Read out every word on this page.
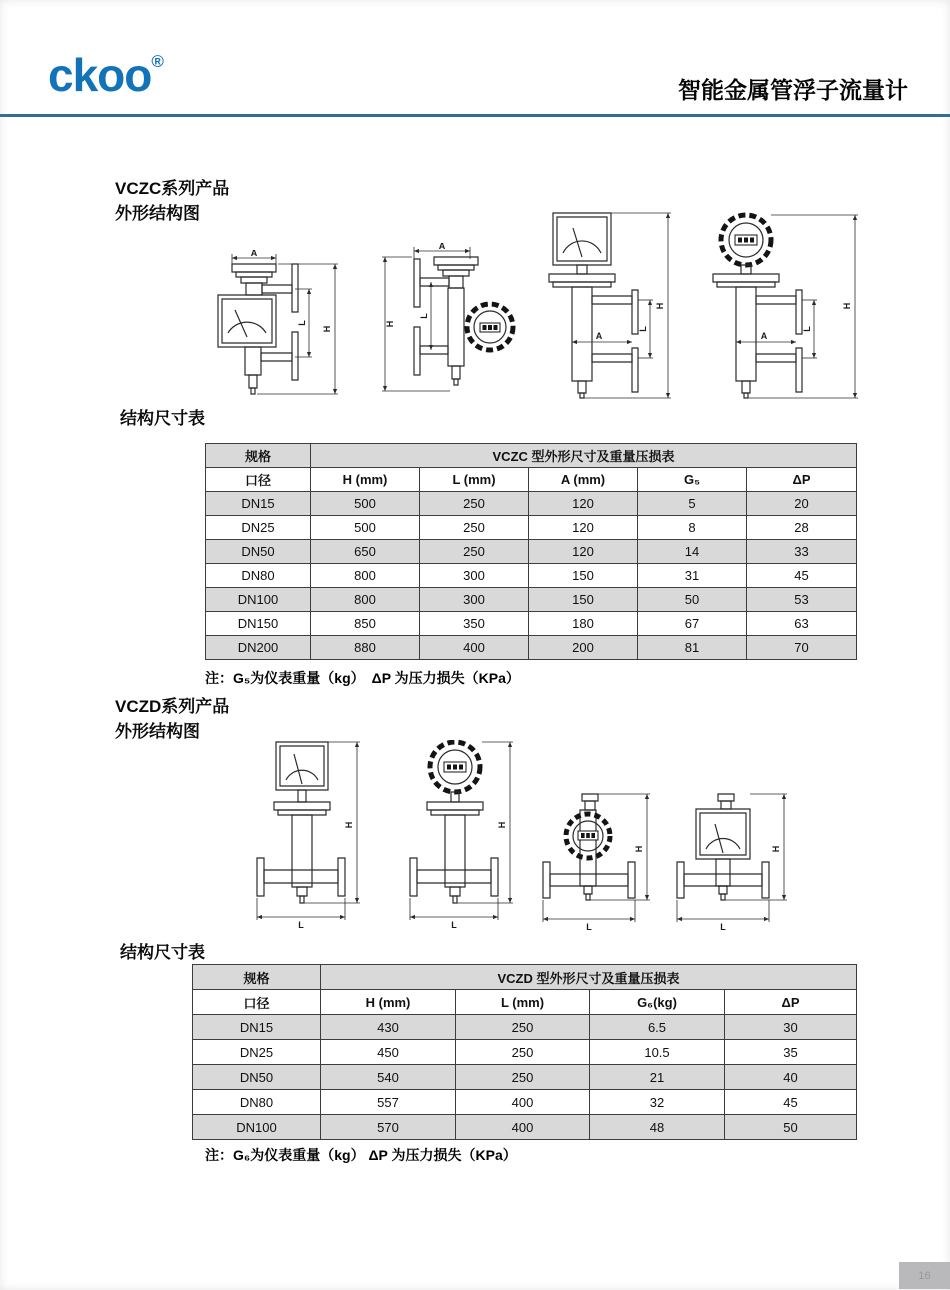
ckoo®
智能金属管浮子流量计
VCZC系列产品
外形结构图
A
L
H
A
L
H
A
L
H
A
L
H
结构尺寸表
规格	VCZC 型外形尺寸及重量压损表				
口径	H (mm)	L (mm)	A (mm)	G₅	ΔP
DN15	500	250	120	5	20
DN25	500	250	120	8	28
DN50	650	250	120	14	33
DN80	800	300	150	31	45
DN100	800	300	150	50	53
DN150	850	350	180	67	63
DN200	880	400	200	81	70
注：G₅为仪表重量（kg）　ΔP 为压力损失（KPa）
VCZD系列产品
外形结构图
H
L
H
L
H
L
H
L
结构尺寸表
规格	VCZD 型外形尺寸及重量压损表			
口径	H (mm)	L (mm)	G₆(kg)	ΔP
DN15	430	250	6.5	30
DN25	450	250	10.5	35
DN50	540	250	21	40
DN80	557	400	32	45
DN100	570	400	48	50
注：G₆为仪表重量（kg） ΔP 为压力损失（KPa）
16
